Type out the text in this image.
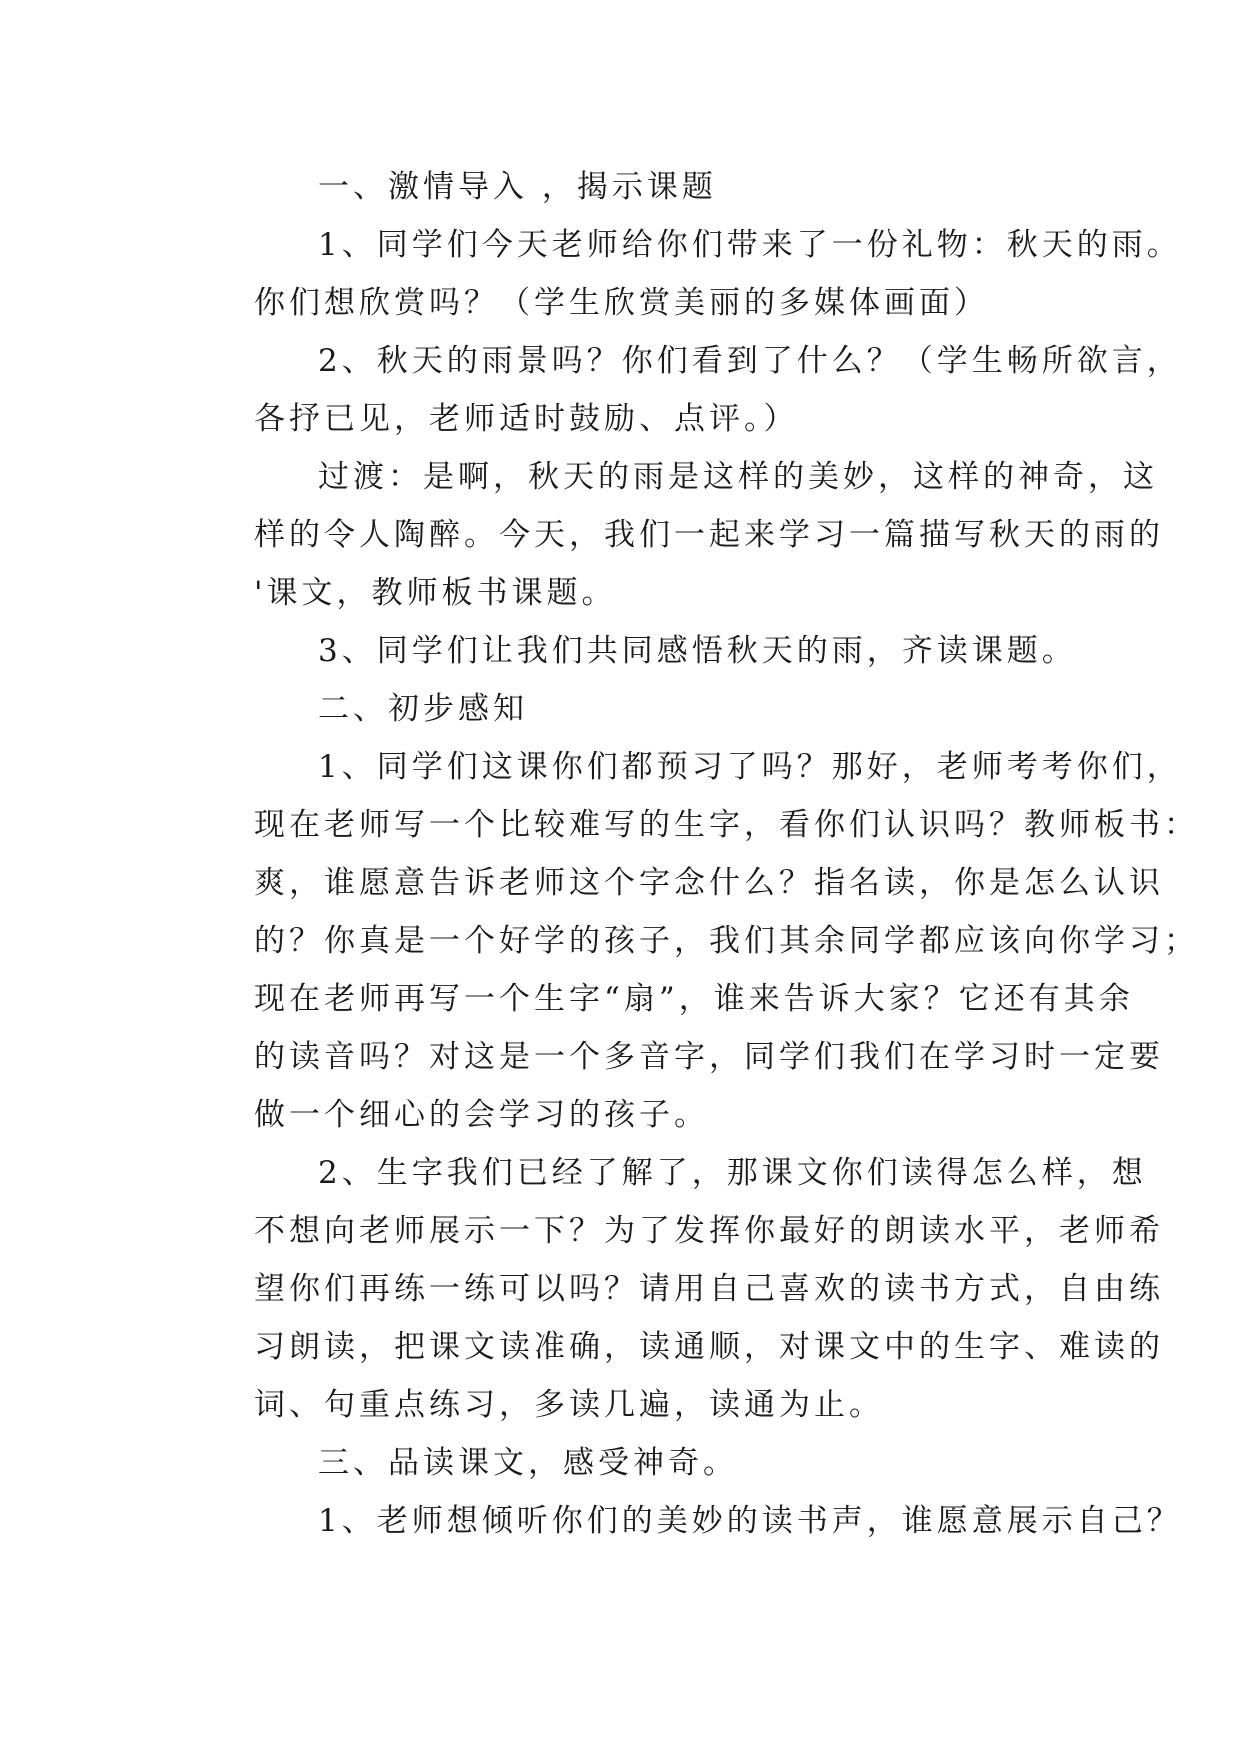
一、激情导入 ，揭示课题
1、同学们今天老师给你们带来了一份礼物：秋天的雨。
你们想欣赏吗？（学生欣赏美丽的多媒体画面）
2、秋天的雨景吗？你们看到了什么？（学生畅所欲言，
各抒已见，老师适时鼓励、点评。）
过渡：是啊，秋天的雨是这样的美妙，这样的神奇，这
样的令人陶醉。今天，我们一起来学习一篇描写秋天的雨的
'课文，教师板书课题。
3、同学们让我们共同感悟秋天的雨，齐读课题。
二、初步感知
1、同学们这课你们都预习了吗？那好，老师考考你们，
现在老师写一个比较难写的生字，看你们认识吗？教师板书：
爽，谁愿意告诉老师这个字念什么？指名读，你是怎么认识
的？你真是一个好学的孩子，我们其余同学都应该向你学习；
现在老师再写一个生字“扇”，谁来告诉大家？它还有其余
的读音吗？对这是一个多音字，同学们我们在学习时一定要
做一个细心的会学习的孩子。
2、生字我们已经了解了，那课文你们读得怎么样，想
不想向老师展示一下？为了发挥你最好的朗读水平，老师希
望你们再练一练可以吗？请用自己喜欢的读书方式，自由练
习朗读，把课文读准确，读通顺，对课文中的生字、难读的
词、句重点练习，多读几遍，读通为止。
三、品读课文，感受神奇。
1、老师想倾听你们的美妙的读书声，谁愿意展示自己？
